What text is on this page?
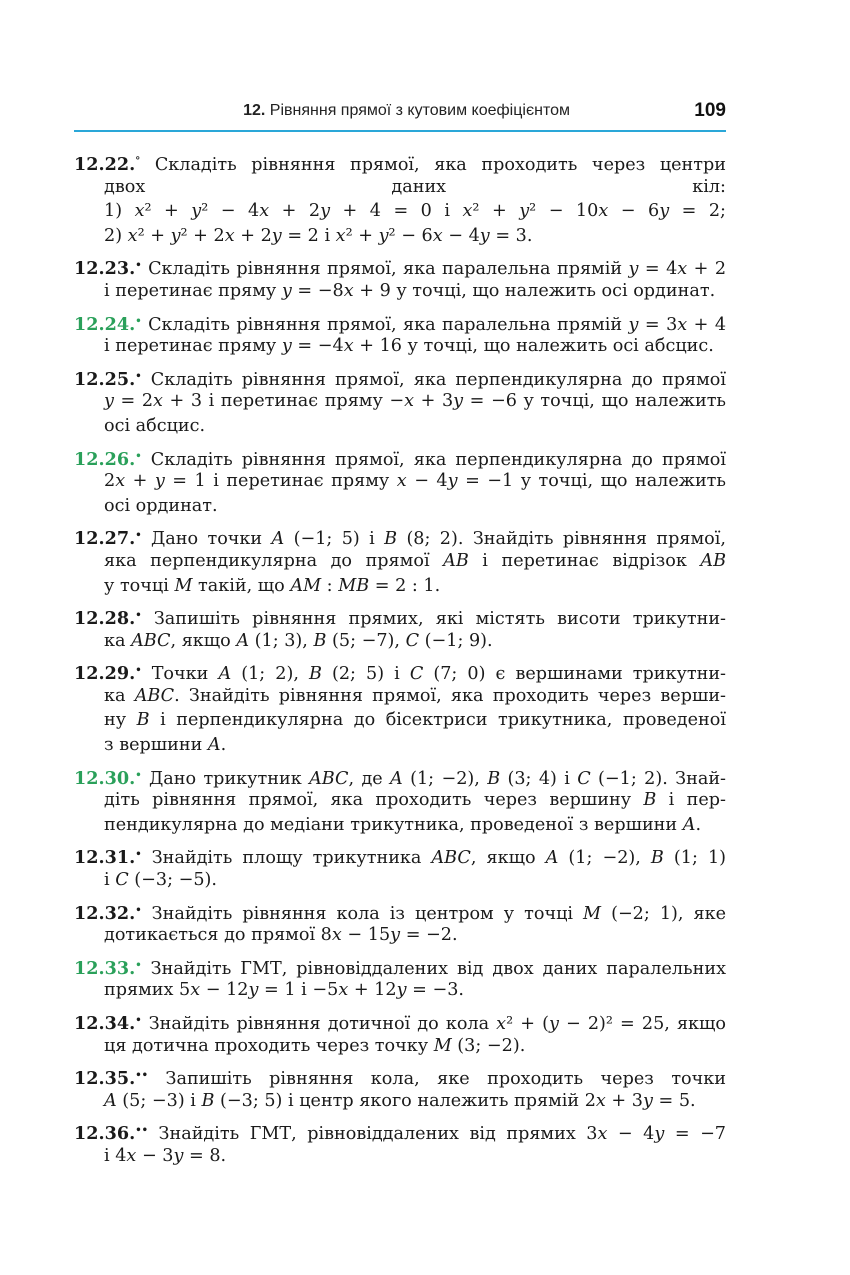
12. Рівняння прямої з кутовим коефіцієнтом	109
12.22.° Складіть рівняння прямої, яка проходить через центри
двох даних кіл:
1) x² + y² − 4x + 2y + 4 = 0 і x² + y² − 10x − 6y = 2;
2) x² + y² + 2x + 2y = 2 і x² + y² − 6x − 4y = 3.
12.23.• Складіть рівняння прямої, яка паралельна прямій y = 4x + 2
і перетинає пряму y = −8x + 9 у точці, що належить осі ординат.
12.24.• Складіть рівняння прямої, яка паралельна прямій y = 3x + 4
і перетинає пряму y = −4x + 16 у точці, що належить осі абсцис.
12.25.• Складіть рівняння прямої, яка перпендикулярна до прямої
y = 2x + 3 і перетинає пряму −x + 3y = −6 у точці, що належить
осі абсцис.
12.26.• Складіть рівняння прямої, яка перпендикулярна до прямої
2x + y = 1 і перетинає пряму x − 4y = −1 у точці, що належить
осі ординат.
12.27.• Дано точки A (−1; 5) і B (8; 2). Знайдіть рівняння прямої,
яка перпендикулярна до прямої AB і перетинає відрізок AB
у точці M такій, що AM : MB = 2 : 1.
12.28.• Запишіть рівняння прямих, які містять висоти трикутни-
ка ABC, якщо A (1; 3), B (5; −7), C (−1; 9).
12.29.• Точки A (1; 2), B (2; 5) і C (7; 0) є вершинами трикутни-
ка ABC. Знайдіть рівняння прямої, яка проходить через верши-
ну B і перпендикулярна до бісектриси трикутника, проведеної
з вершини A.
12.30.• Дано трикутник ABC, де A (1; −2), B (3; 4) і C (−1; 2). Знай-
діть рівняння прямої, яка проходить через вершину B і пер-
пендикулярна до медіани трикутника, проведеної з вершини A.
12.31.• Знайдіть площу трикутника ABC, якщо A (1; −2), B (1; 1)
і C (−3; −5).
12.32.• Знайдіть рівняння кола із центром у точці M (−2; 1), яке
дотикається до прямої 8x − 15y = −2.
12.33.• Знайдіть ГМТ, рівновіддалених від двох даних паралельних
прямих 5x − 12y = 1 і −5x + 12y = −3.
12.34.• Знайдіть рівняння дотичної до кола x² + (y − 2)² = 25, якщо
ця дотична проходить через точку M (3; −2).
12.35.•• Запишіть рівняння кола, яке проходить через точки
A (5; −3) і B (−3; 5) і центр якого належить прямій 2x + 3y = 5.
12.36.•• Знайдіть ГМТ, рівновіддалених від прямих 3x − 4y = −7
і 4x − 3y = 8.
